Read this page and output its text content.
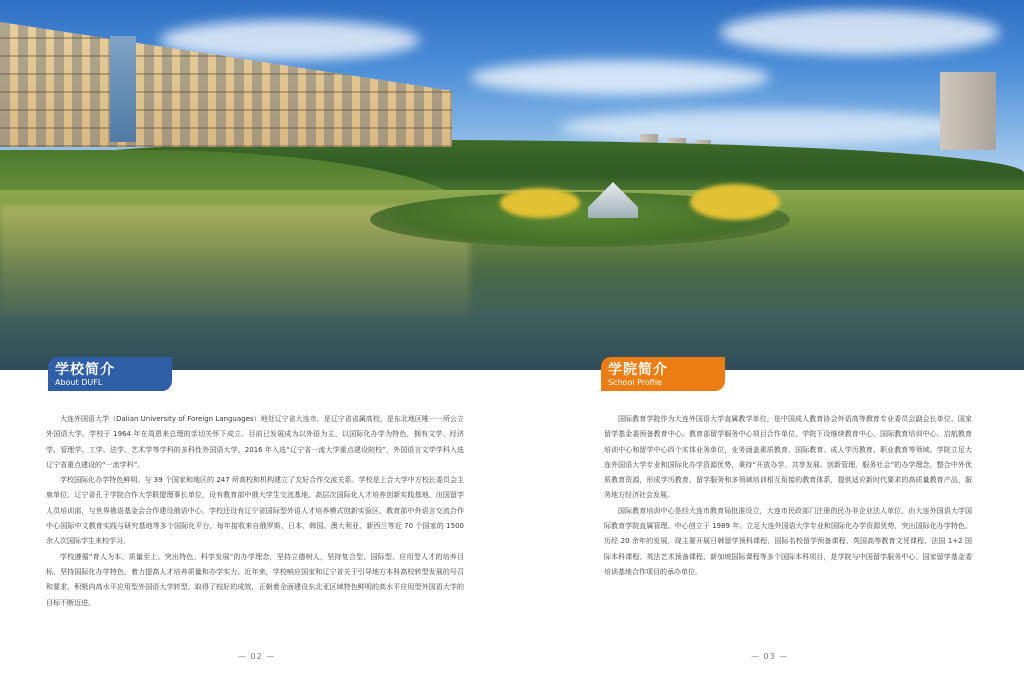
学校简介
About DUFL

大连外国语大学（Dalian University of Foreign Languages）地处辽宁省大连市，是辽宁省省属高校，是东北地区唯一一所公立外国语大学。学校于 1964 年在周恩来总理的亲切关怀下成立。目前已发展成为以外语为主、以国际化办学为特色，拥有文学、经济学、管理学、工学、法学、艺术学等学科的多科性外国语大学。2016 年入选“辽宁省一流大学重点建设院校”，外国语言文学学科入选辽宁省重点建设的“一流学科”。

学校国际化办学特色鲜明。与 39 个国家和地区的 247 所高校和机构建立了友好合作交流关系。学校是上合大学中方校长委员会主席单位、辽宁省孔子学院合作大学联盟理事长单位，设有教育部中俄大学生交流基地、高层次国际化人才培养创新实践基地、出国留学人员培训部，与世界俄语基金会合作建设俄语中心。学校还设有辽宁省国际型外语人才培养模式创新实验区、教育部中外语言交流合作中心国际中文教育实践与研究基地等多个国际化平台，每年接收来自俄罗斯、日本、韩国、澳大利亚、新西兰等近 70 个国家的 1500 余人次国际学生来校学习。

学校遵循“育人为本、质量至上、突出特色、科学发展”的办学理念，坚持立德树人，坚持复合型、国际型、应用型人才的培养目标，坚持国际化办学特色，着力提高人才培养质量和办学实力。近年来，学校响应国家和辽宁省关于引导地方本科高校转型发展的号召和要求，积极向高水平应用型外国语大学转型，取得了较好的成效，正朝着全面建设东北亚区域特色鲜明的高水平应用型外国语大学的目标不断迈进。

— 02 —
学院简介
School Profile

国际教育学院作为大连外国语大学直属教学单位，是中国成人教育协会外语高等教育专业委员会副会长单位、国家留学基金委预备教育中心、教育部留学服务中心项目合作单位。学院下设继续教育中心、国际教育培训中心、启航教育培训中心和留学中心四个实体业务单位，业务涵盖素质教育、国际教育、成人学历教育、职业教育等领域。学院立足大连外国语大学专业和国际化办学资源优势，秉持“开放办学、共享发展、创新管理、服务社会”的办学理念，整合中外优质教育资源，形成学历教育、留学服务和多领域培训相互衔接的教育体系，提供适应新时代要求的高质量教育产品，服务地方经济社会发展。

国际教育培训中心是经大连市教育局批准设立，大连市民政部门注册的民办非企业法人单位，由大连外国语大学国际教育学院直属管理。中心创立于 1989 年。立足大连外国语大学专业和国际化办学资源优势，突出国际化办学特色。历经 20 余年的发展，现主要开展日韩留学预科课程、国际名校留学预备课程、英国高等教育文凭课程、法国 1+2 国际本科课程、英法艺术预备课程、新加坡国际课程等多个国际本科项目，是学院与中国留学服务中心、国家留学基金委培训基地合作项目的承办单位。

— 03 —
